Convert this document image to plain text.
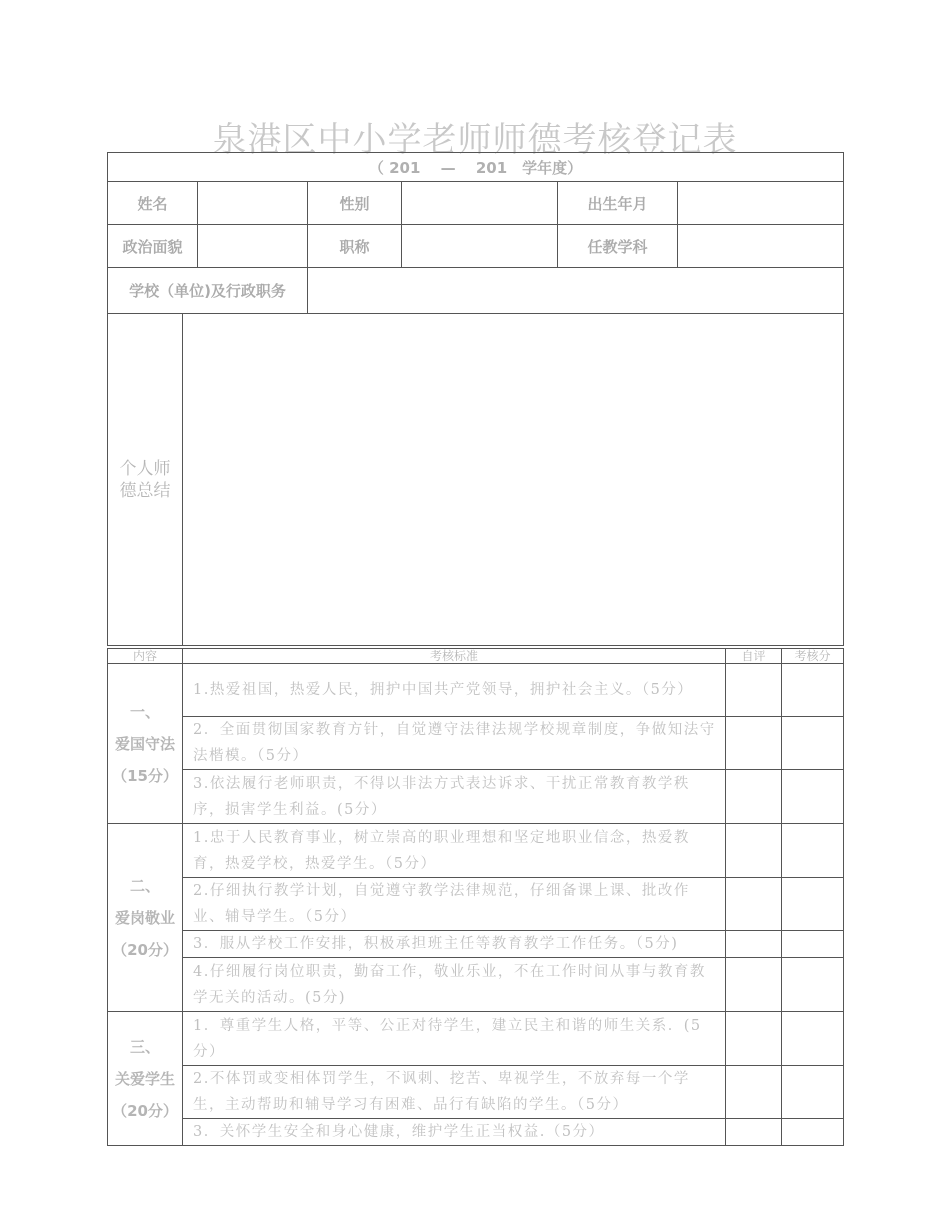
泉港区中小学老师师德考核登记表
（ 201　 —　 201　学年度）						
姓名			性别		出生年月	
政治面貌			职称		任教学科	
学校（单位)及行政职务						

个人师德总结						

内容	考核标准	自评	考核分

一、
爱国守法
（15分）	1.热爱祖国，热爱人民，拥护中国共产党领导，拥护社会主义。（5分）		
	2．全面贯彻国家教育方针，自觉遵守法律法规学校规章制度，争做知法守法楷模。（5分）		
	3.依法履行老师职责，不得以非法方式表达诉求、干扰正常教育教学秩序，损害学生利益。(5分）		

二、
爱岗敬业
（20分）	1.忠于人民教育事业，树立崇高的职业理想和坚定地职业信念，热爱教育，热爱学校，热爱学生。（5分）		
	2.仔细执行教学计划，自觉遵守教学法律规范，仔细备课上课、批改作业、辅导学生。（5分）		
	3．服从学校工作安排，积极承担班主任等教育教学工作任务。（5分)		
	4.仔细履行岗位职责，勤奋工作，敬业乐业，不在工作时间从事与教育教学无关的活动。(5分)		

三、
关爱学生
（20分）	1．尊重学生人格，平等、公正对待学生，建立民主和谐的师生关系．(5分）		
	2.不体罚或变相体罚学生，不讽刺、挖苦、卑视学生，不放弃每一个学生，主动帮助和辅导学习有困难、品行有缺陷的学生。（5分）		
	3．关怀学生安全和身心健康，维护学生正当权益.（5分）		
